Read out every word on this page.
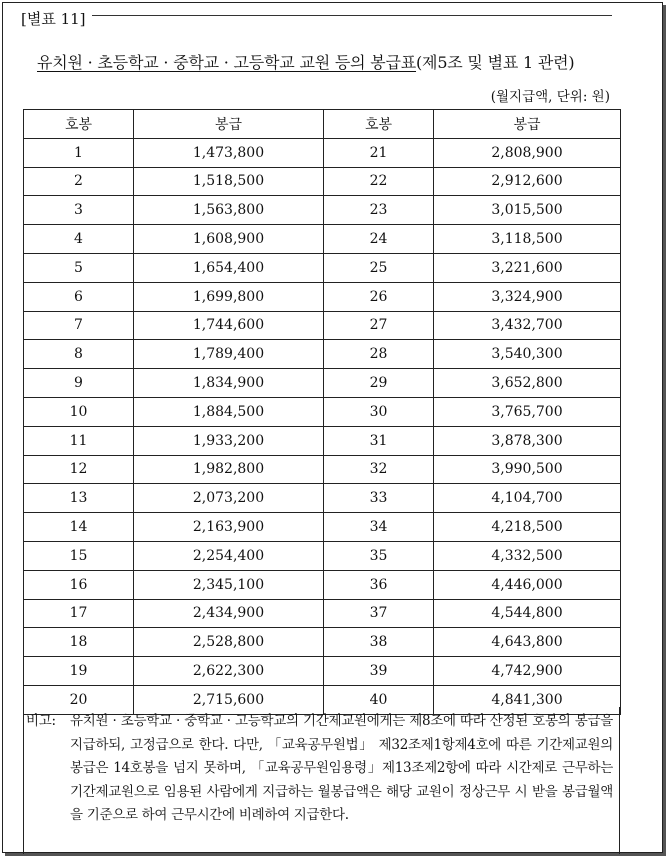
[별표 11]
유치원 · 초등학교 · 중학교 · 고등학교 교원 등의 봉급표(제5조 및 별표 1 관련)
(월지급액, 단위: 원)
호봉	봉급	호봉	봉급
1	1,473,800	21	2,808,900
2	1,518,500	22	2,912,600
3	1,563,800	23	3,015,500
4	1,608,900	24	3,118,500
5	1,654,400	25	3,221,600
6	1,699,800	26	3,324,900
7	1,744,600	27	3,432,700
8	1,789,400	28	3,540,300
9	1,834,900	29	3,652,800
10	1,884,500	30	3,765,700
11	1,933,200	31	3,878,300
12	1,982,800	32	3,990,500
13	2,073,200	33	4,104,700
14	2,163,900	34	4,218,500
15	2,254,400	35	4,332,500
16	2,345,100	36	4,446,000
17	2,434,900	37	4,544,800
18	2,528,800	38	4,643,800
19	2,622,300	39	4,742,900
20	2,715,600	40	4,841,300
비고: 유치원 · 초등학교 · 중학교 · 고등학교의 기간제교원에게는 제8조에 따라 산정된 호봉의 봉급을 지급하되, 고정급으로 한다. 다만, 「교육공무원법」 제32조제1항제4호에 따른 기간제교원의 봉급은 14호봉을 넘지 못하며, 「교육공무원임용령」제13조제2항에 따라 시간제로 근무하는 기간제교원으로 임용된 사람에게 지급하는 월봉급액은 해당 교원이 정상근무 시 받을 봉급월액을 기준으로 하여 근무시간에 비례하여 지급한다.
